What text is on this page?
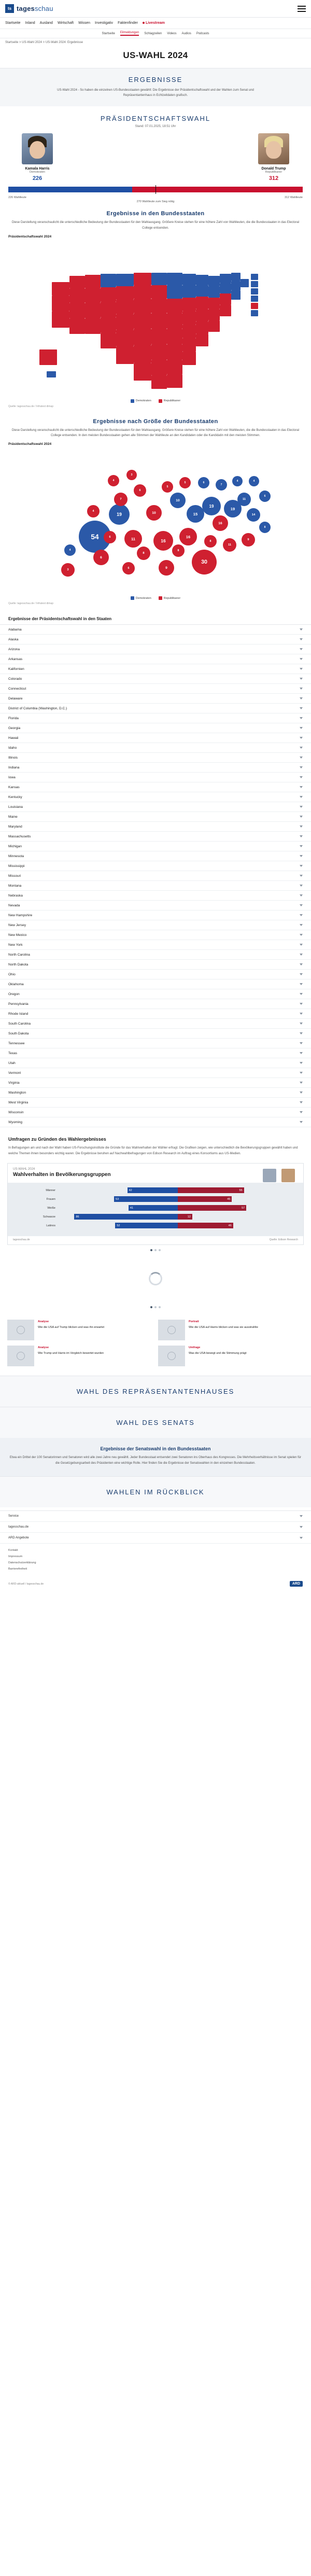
ts tagesschau
Startseite Inland Ausland Wirtschaft Wissen Investigativ Faktenfinder	Livestream
Startseite Eilmeldungen Schlagzeilen Videos Audios Podcasts
Startseite > US-Wahl 2024 > US-Wahl 2024: Ergebnisse
US-WAHL 2024
ERGEBNISSE
US-Wahl 2024 - So haben die einzelnen US-Bundesstaaten gewählt: Die Ergebnisse der Präsidentschaftswahl und der Wahlen zum Senat und Repräsentantenhaus in Echtzeitdaten grafisch.
PRÄSIDENTSCHAFTSWAHL
Stand: 07.01.2025, 18:51 Uhr
Kamala Harris
Demokraten
226
Donald Trump
Republikaner
312
226 Wahlleute	312 Wahlleute
270 Wahlleute zum Sieg nötig
Ergebnisse in den Bundesstaaten

Diese Darstellung veranschaulicht die unterschiedliche Bedeutung der Bundesstaaten für den Wahlausgang. Größere Kreise stehen für eine höhere Zahl von Wahlleuten, die die Bundesstaaten in das Electoral College entsenden.

Präsidentschaftswahl 2024
Demokraten	Republikaner
Quelle: tagesschau.de / Infratest dimap
Ergebnisse nach Größe der Bundesstaaten

Diese Darstellung veranschaulicht die unterschiedliche Bedeutung der Bundesstaaten für den Wahlausgang. Größere Kreise stehen für eine höhere Zahl von Wahlleuten, die die Bundesstaaten in das Electoral College entsenden. In den meisten Bundesstaaten gehen alle Stimmen der Wahlleute an den Kandidaten oder die Kandidatin mit den meisten Stimmen.

Präsidentschaftswahl 2024
54
19
11
6
10
16
10
15
16
19
16
19
11
14
30
9
8
7
6
5
5	6
7
4	4
6
8
9
11
8
8
6
6
4
4
3
3
4
Demokraten	Republikaner
Quelle: tagesschau.de / Infratest dimap
Ergebnisse der Präsidentschaftswahl in den Staaten
Alabama
Alaska
Arizona
Arkansas
Kalifornien
Colorado
Connecticut
Delaware
District of Columbia (Washington, D.C.)
Florida
Georgia
Hawaii
Idaho
Illinois
Indiana
Iowa
Kansas
Kentucky
Louisiana
Maine
Maryland
Massachusetts
Michigan
Minnesota
Mississippi
Missouri
Montana
Nebraska
Nevada
New Hampshire
New Jersey
New Mexico
New York
North Carolina
North Dakota
Ohio
Oklahoma
Oregon
Pennsylvania
Rhode Island
South Carolina
South Dakota
Tennessee
Texas
Utah
Vermont
Virginia
Washington
West Virginia
Wisconsin
Wyoming
Umfragen zu Gründen des Wahlergebnisses

In Befragungen am und nach der Wahl haben US-Forschungsinstitute die Gründe für das Wahlverhalten der Wähler erfragt. Die Grafiken zeigen, wie unterschiedlich die Bevölkerungsgruppen gewählt haben und welche Themen ihnen besonders wichtig waren. Die Ergebnisse beruhen auf Nachwahlbefragungen von Edison Research im Auftrag eines Konsortiums aus US-Medien.

US-WAHL 2024
Wahlverhalten in Bevölkerungsgruppen
Männer	42	55
Frauen	53	45
Weiße	41	57
Schwarze	86	12
Latinos	52	46
tagesschau.de	Quelle: Edison Research
Analyse
Wie die USA auf Trump blicken und was ihn erwartet
Portrait
Wie die USA auf Harris blicken und was sie ausstrahlte
Analyse
Wie Trump und Harris im Vergleich bewertet wurden
Umfrage
Was die USA bewegt und die Stimmung prägt
WAHL DES REPRÄSENTANTENHAUSES
WAHL DES SENATS
Ergebnisse der Senatswahl in den Bundesstaaten

Etwa ein Drittel der 100 Senatorinnen und Senatoren wird alle zwei Jahre neu gewählt. Jeder Bundesstaat entsendet zwei Senatoren ins Oberhaus des Kongresses. Die Mehrheitsverhältnisse im Senat spielen für die Gesetzgebungsarbeit des Präsidenten eine wichtige Rolle. Hier finden Sie die Ergebnisse der Senatswahlen in den einzelnen Bundesstaaten.

WAHLEN IM RÜCKBLICK
Service
tagesschau.de
ARD Angebote
Kontakt
Impressum
Datenschutzerklärung
Barrierefreiheit
© ARD-aktuell / tagesschau.de	ARD
